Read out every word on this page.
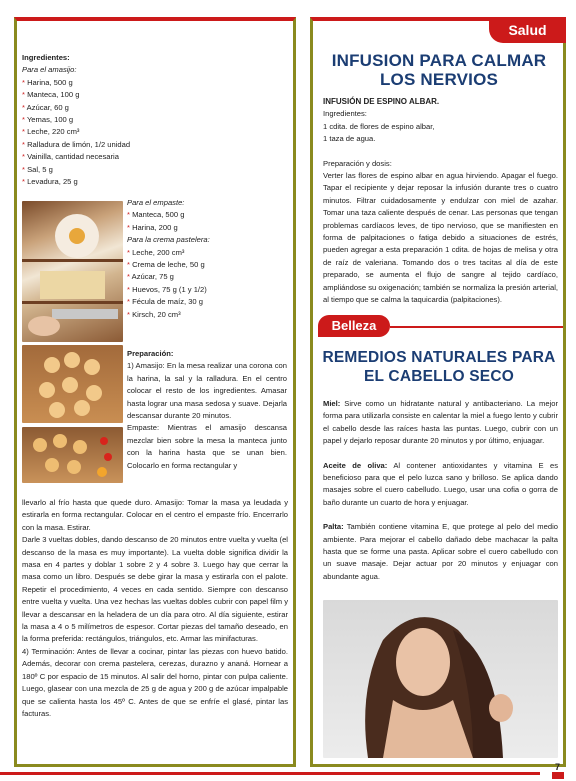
Salud
Ingredientes:
Para el amasijo:
* Harina, 500 g
* Manteca, 100 g
* Azúcar, 60 g
* Yemas, 100 g
* Leche, 220 cm³
* Ralladura de limón, 1/2 unidad
* Vainilla, cantidad necesaria
* Sal, 5 g
* Levadura, 25 g
Para el empaste:
* Manteca, 500 g
* Harina, 200 g
Para la crema pastelera:
* Leche, 200 cm³
* Crema de leche, 50 g
* Azúcar, 75 g
* Huevos, 75 g (1 y 1/2)
* Fécula de maíz, 30 g
* Kirsch, 20 cm³
Preparación:
1) Amasijo: En la mesa realizar una corona con la harina, la sal y la ralladura. En el centro colocar el resto de los ingredientes. Amasar hasta lograr una masa sedosa y suave. Dejarla descansar durante 20 minutos.
Empaste: Mientras el amasijo descansa mezclar bien sobre la mesa la manteca junto con la harina hasta que se unan bien. Colocarlo en forma rectangular y
llevarlo al frío hasta que quede duro. Amasijo: Tomar la masa ya leudada y estirarla en forma rectangular. Colocar en el centro el empaste frío. Encerrarlo con la masa. Estirar.
Darle 3 vueltas dobles, dando descanso de 20 minutos entre vuelta y vuelta (el descanso de la masa es muy importante). La vuelta doble significa dividir la masa en 4 partes y doblar 1 sobre 2 y 4 sobre 3. Luego hay que cerrar la masa como un libro. Después se debe girar la masa y estirarla con el palote. Repetir el procedimiento, 4 veces en cada sentido. Siempre con descanso entre vuelta y vuelta. Una vez hechas las vueltas dobles cubrir con papel film y llevar a descansar en la heladera de un día para otro. Al día siguiente, estirar la masa a 4 o 5 milímetros de espesor. Cortar piezas del tamaño deseado, en la forma preferida: rectángulos, triángulos, etc. Armar las minifacturas.
4) Terminación: Antes de llevar a cocinar, pintar las piezas con huevo batido. Además, decorar con crema pastelera, cerezas, durazno y ananá. Hornear a 180º C por espacio de 15 minutos. Al salir del horno, pintar con pulpa caliente. Luego, glasear con una mezcla de 25 g de agua y 200 g de azúcar impalpable que se calienta hasta los 45º C. Antes de que se enfríe el glasé, pintar las facturas.
INFUSION PARA CALMAR LOS NERVIOS
INFUSIÓN DE ESPINO ALBAR.
Ingredientes:
1 cdita. de flores de espino albar,
1 taza de agua.
Preparación y dosis:
Verter las flores de espino albar en agua hirviendo. Apagar el fuego. Tapar el recipiente y dejar reposar la infusión durante tres o cuatro minutos. Filtrar cuidadosamente y endulzar con miel de azahar. Tomar una taza caliente después de cenar. Las personas que tengan problemas cardíacos leves, de tipo nervioso, que se manifiesten en forma de palpitaciones o fatiga debido a situaciones de estrés, pueden agregar a esta preparación 1 cdita. de hojas de melisa y otra de raíz de valeriana. Tomando dos o tres tacitas al día de este preparado, se aumenta el flujo de sangre al tejido cardíaco, ampliándose su oxigenación; también se normaliza la presión arterial, al tiempo que se calma la taquicardia (palpitaciones).
Belleza
REMEDIOS NATURALES PARA EL CABELLO SECO
Miel: Sirve como un hidratante natural y antibacteriano. La mejor forma para utilizarla consiste en calentar la miel a fuego lento y cubrir el cabello desde las raíces hasta las puntas. Luego, cubrir con un papel y dejarlo reposar durante 20 minutos y por último, enjuagar.
Aceite de oliva: Al contener antioxidantes y vitamina E es beneficioso para que el pelo luzca sano y brilloso. Se aplica dando masajes sobre el cuero cabelludo. Luego, usar una cofia o gorra de baño durante un cuarto de hora y enjuagar.
Palta: También contiene vitamina E, que protege al pelo del medio ambiente. Para mejorar el cabello dañado debe machacar la palta hasta que se forme una pasta. Aplicar sobre el cuero cabelludo con un suave masaje. Dejar actuar por 20 minutos y enjuagar con abundante agua.
7
